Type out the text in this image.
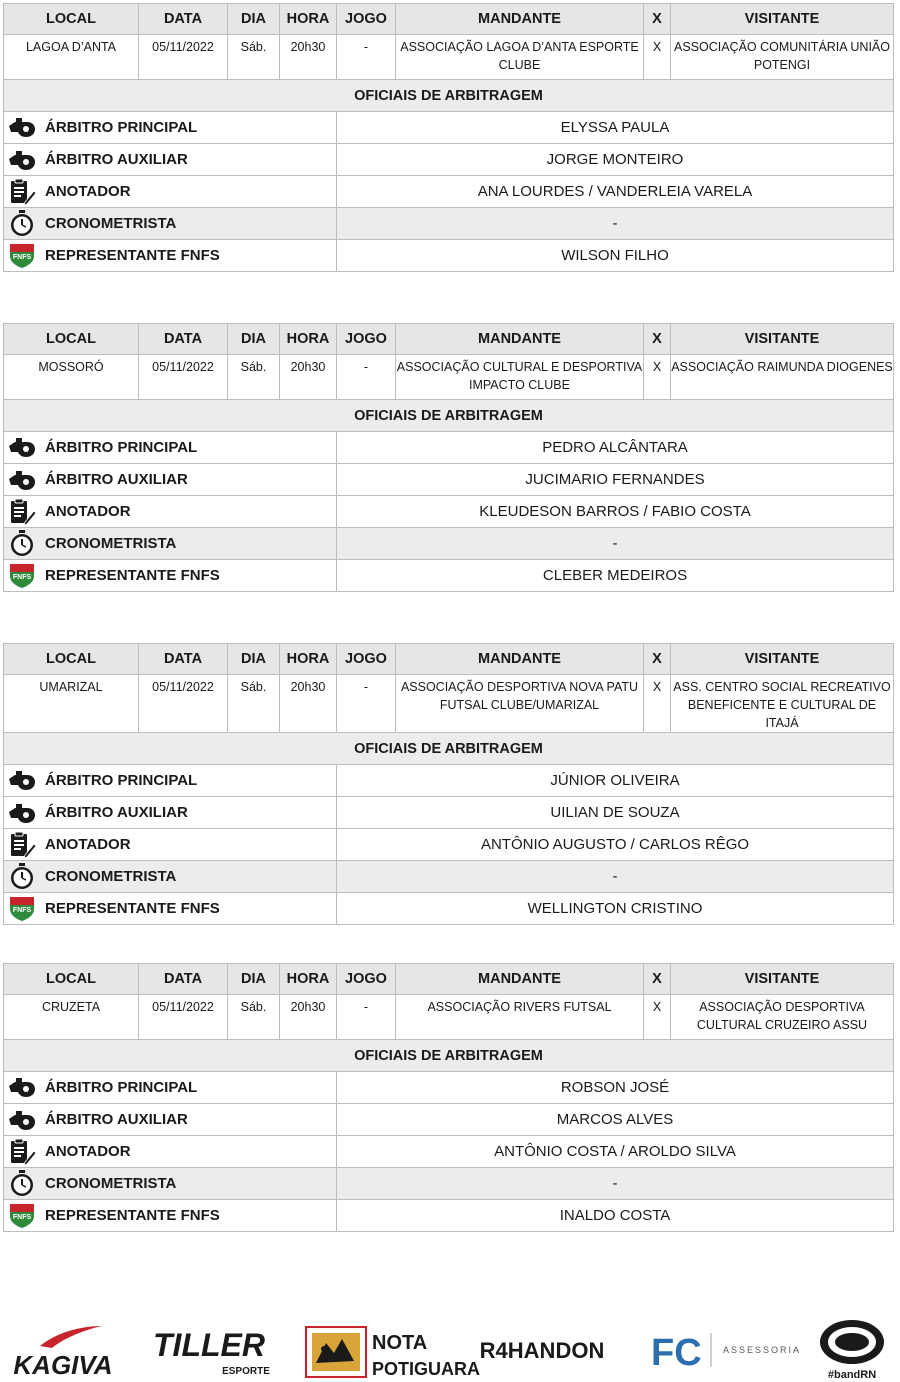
LOCAL	DATA	DIA	HORA	JOGO	MANDANTE	X	VISITANTE
LAGOA D’ANTA	05/11/2022	Sáb.	20h30	-	ASSOCIAÇÃO LAGOA D’ANTA ESPORTE CLUBE	X	ASSOCIAÇÃO COMUNITÁRIA UNIÃO POTENGI
OFICIAIS DE ARBITRAGEM							

ÁRBITRO PRINCIPAL				ELYSSA PAULA			

ÁRBITRO AUXILIAR				JORGE MONTEIRO			

ANOTADOR				ANA LOURDES / VANDERLEIA VARELA			

CRONOMETRISTA				-			

FNFS REPRESENTANTE FNFS				WILSON FILHO			
LOCAL	DATA	DIA	HORA	JOGO	MANDANTE	X	VISITANTE
MOSSORÓ	05/11/2022	Sáb.	20h30	-	ASSOCIAÇÃO CULTURAL E DESPORTIVA IMPACTO CLUBE	X	ASSOCIAÇÃO RAIMUNDA DIOGENES
OFICIAIS DE ARBITRAGEM							

ÁRBITRO PRINCIPAL				PEDRO ALCÂNTARA			

ÁRBITRO AUXILIAR				JUCIMARIO FERNANDES			

ANOTADOR				KLEUDESON BARROS / FABIO COSTA			

CRONOMETRISTA				-			

FNFS REPRESENTANTE FNFS				CLEBER MEDEIROS			
LOCAL	DATA	DIA	HORA	JOGO	MANDANTE	X	VISITANTE
UMARIZAL	05/11/2022	Sáb.	20h30	-	ASSOCIAÇÃO DESPORTIVA NOVA PATU FUTSAL CLUBE/UMARIZAL	X	ASS. CENTRO SOCIAL RECREATIVO BENEFICENTE E CULTURAL DE ITAJÁ
OFICIAIS DE ARBITRAGEM							

ÁRBITRO PRINCIPAL				JÚNIOR OLIVEIRA			

ÁRBITRO AUXILIAR				UILIAN DE SOUZA			

ANOTADOR				ANTÔNIO AUGUSTO / CARLOS RÊGO			

CRONOMETRISTA				-			

FNFS REPRESENTANTE FNFS				WELLINGTON CRISTINO			
LOCAL	DATA	DIA	HORA	JOGO	MANDANTE	X	VISITANTE
CRUZETA	05/11/2022	Sáb.	20h30	-	ASSOCIAÇÃO RIVERS FUTSAL	X	ASSOCIAÇÃO DESPORTIVA CULTURAL CRUZEIRO ASSU
OFICIAIS DE ARBITRAGEM							

ÁRBITRO PRINCIPAL				ROBSON JOSÉ			

ÁRBITRO AUXILIAR				MARCOS ALVES			

ANOTADOR				ANTÔNIO COSTA / AROLDO SILVA			

CRONOMETRISTA				-			

FNFS REPRESENTANTE FNFS				INALDO COSTA			
KAGIVA
TILLER
ESPORTE
NOTA
POTIGUARA
R4HANDON FC ASSESSORIA
#bandRN
